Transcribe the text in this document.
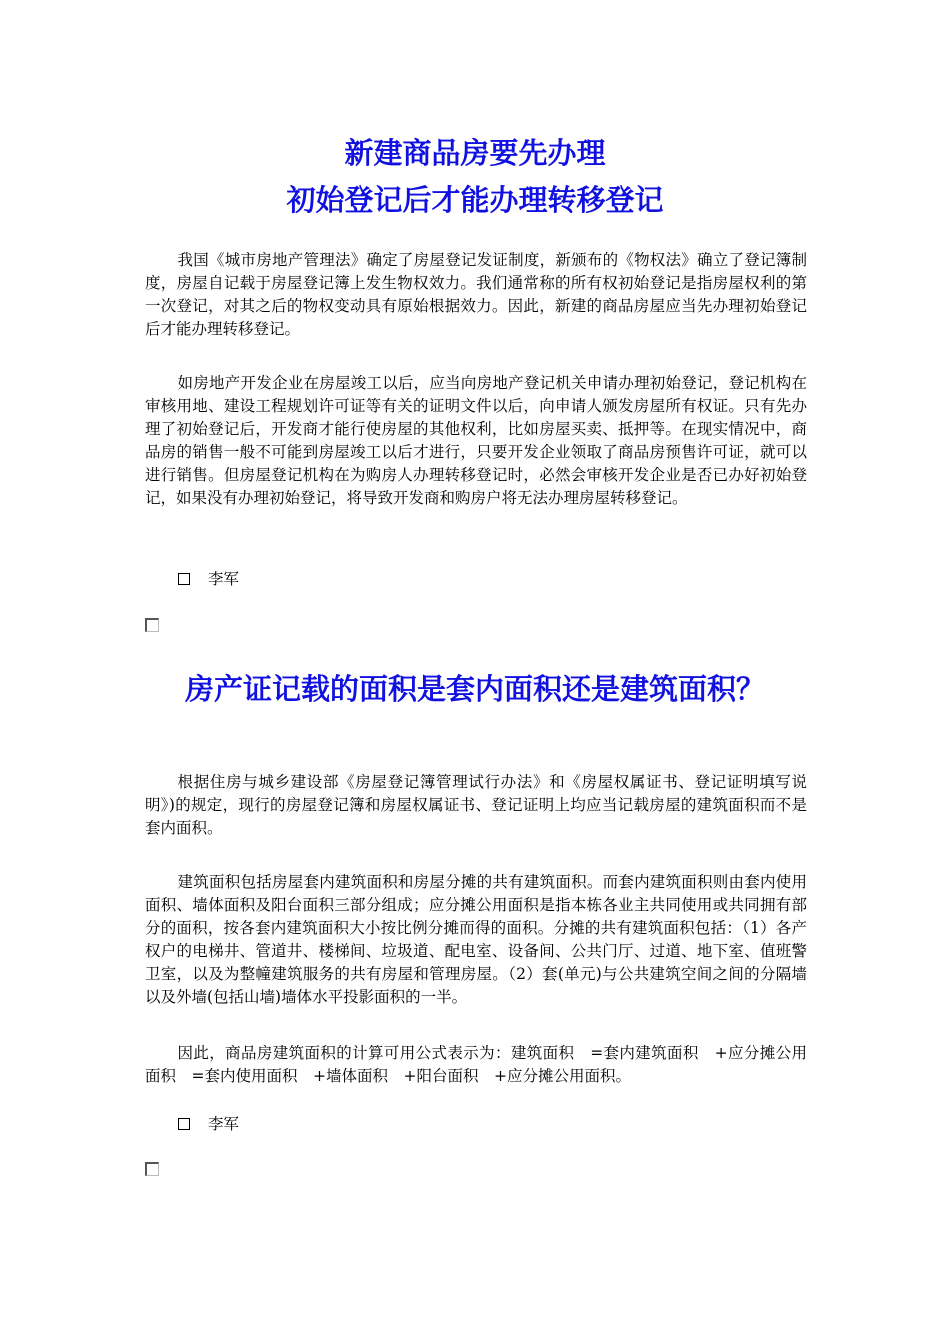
新建商品房要先办理
初始登记后才能办理转移登记

我国《城市房地产管理法》确定了房屋登记发证制度，新颁布的《物权法》确立了登记簿制度，房屋自记载于房屋登记簿上发生物权效力。我们通常称的所有权初始登记是指房屋权利的第一次登记，对其之后的物权变动具有原始根据效力。因此，新建的商品房屋应当先办理初始登记后才能办理转移登记。

如房地产开发企业在房屋竣工以后，应当向房地产登记机关申请办理初始登记，登记机构在审核用地、建设工程规划许可证等有关的证明文件以后，向申请人颁发房屋所有权证。只有先办理了初始登记后，开发商才能行使房屋的其他权利，比如房屋买卖、抵押等。在现实情况中，商品房的销售一般不可能到房屋竣工以后才进行，只要开发企业领取了商品房预售许可证，就可以进行销售。但房屋登记机构在为购房人办理转移登记时，必然会审核开发企业是否已办好初始登记，如果没有办理初始登记，将导致开发商和购房户将无法办理房屋转移登记。

李军

房产证记载的面积是套内面积还是建筑面积？

根据住房与城乡建设部《房屋登记簿管理试行办法》和《房屋权属证书、登记证明填写说明》)的规定，现行的房屋登记簿和房屋权属证书、登记证明上均应当记载房屋的建筑面积而不是套内面积。

建筑面积包括房屋套内建筑面积和房屋分摊的共有建筑面积。而套内建筑面积则由套内使用面积、墙体面积及阳台面积三部分组成；应分摊公用面积是指本栋各业主共同使用或共同拥有部分的面积，按各套内建筑面积大小按比例分摊而得的面积。分摊的共有建筑面积包括：（1）各产权户的电梯井、管道井、楼梯间、垃圾道、配电室、设备间、公共门厅、过道、地下室、值班警卫室，以及为整幢建筑服务的共有房屋和管理房屋。（2）套(单元)与公共建筑空间之间的分隔墙以及外墙(包括山墙)墙体水平投影面积的一半。

因此，商品房建筑面积的计算可用公式表示为：建筑面积　=套内建筑面积　+应分摊公用面积　=套内使用面积　+墙体面积　+阳台面积　+应分摊公用面积。

李军
